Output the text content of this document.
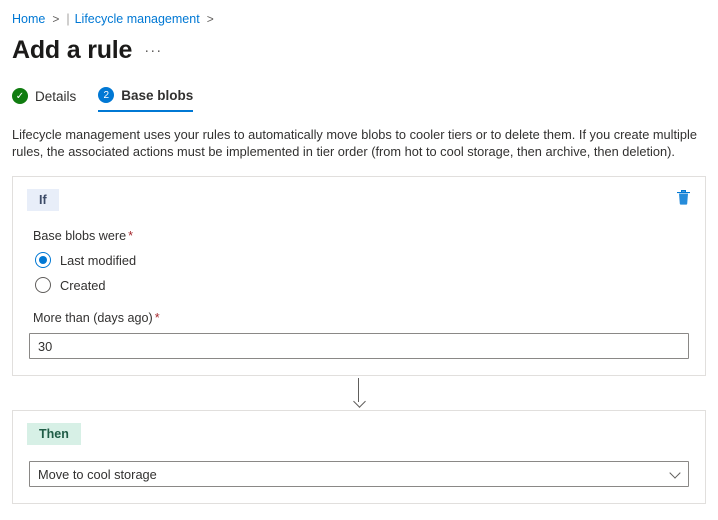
Home > | Lifecycle management >
Add a rule ···
✓ Details	2 Base blobs
Lifecycle management uses your rules to automatically move blobs to cooler tiers or to delete them. If you create multiple rules, the associated actions must be implemented in tier order (from hot to cool storage, then archive, then deletion).
If
Base blobs were *
Last modified
Created
More than (days ago) *
30
Then
Move to cool storage
